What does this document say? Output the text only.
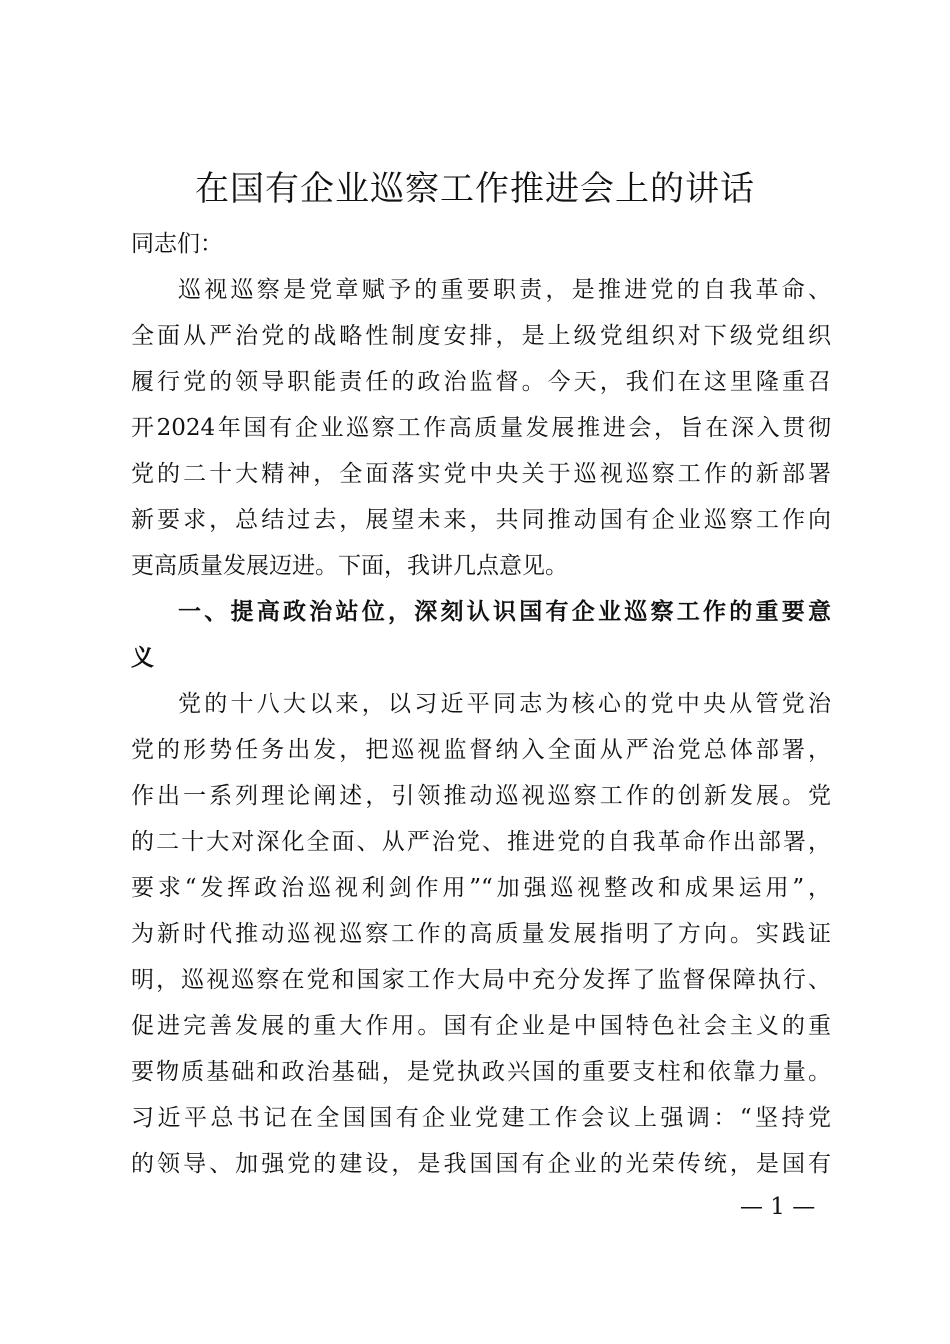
在国有企业巡察工作推进会上的讲话
同志们：
巡视巡察是党章赋予的重要职责，是推进党的自我革命、
全面从严治党的战略性制度安排，是上级党组织对下级党组织
履行党的领导职能责任的政治监督。今天，我们在这里隆重召
开2024年国有企业巡察工作高质量发展推进会，旨在深入贯彻
党的二十大精神，全面落实党中央关于巡视巡察工作的新部署
新要求，总结过去，展望未来，共同推动国有企业巡察工作向
更高质量发展迈进。下面，我讲几点意见。
一、提高政治站位，深刻认识国有企业巡察工作的重要意
义
党的十八大以来，以习近平同志为核心的党中央从管党治
党的形势任务出发，把巡视监督纳入全面从严治党总体部署，
作出一系列理论阐述，引领推动巡视巡察工作的创新发展。党
的二十大对深化全面、从严治党、推进党的自我革命作出部署，
要求“发挥政治巡视利剑作用”“加强巡视整改和成果运用”，
为新时代推动巡视巡察工作的高质量发展指明了方向。实践证
明，巡视巡察在党和国家工作大局中充分发挥了监督保障执行、
促进完善发展的重大作用。国有企业是中国特色社会主义的重
要物质基础和政治基础，是党执政兴国的重要支柱和依靠力量。
习近平总书记在全国国有企业党建工作会议上强调：“坚持党
的领导、加强党的建设，是我国国有企业的光荣传统，是国有
— 1 —
